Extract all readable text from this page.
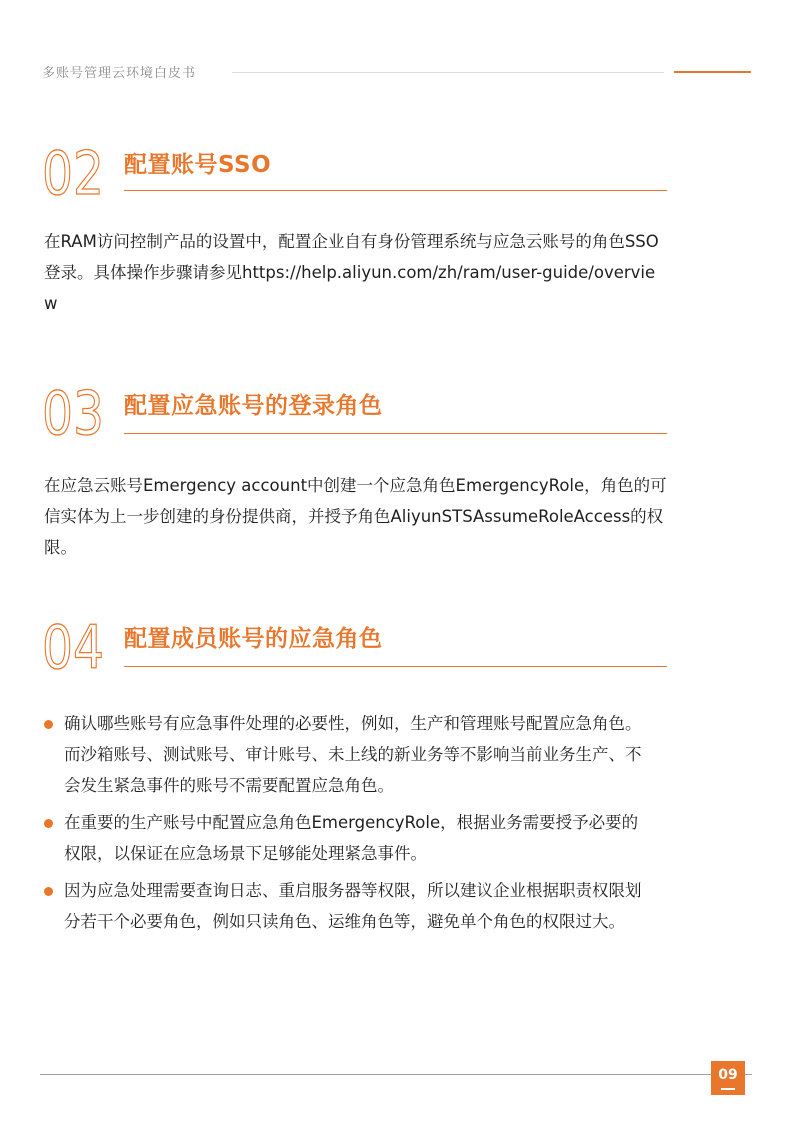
多账号管理云环境白皮书
02 配置账号SSO
在RAM访问控制产品的设置中，配置企业自有身份管理系统与应急云账号的角色SSO登录。具体操作步骤请参见https://help.aliyun.com/zh/ram/user-guide/overview
03 配置应急账号的登录角色
在应急云账号Emergency account中创建一个应急角色EmergencyRole，角色的可信实体为上一步创建的身份提供商，并授予角色AliyunSTSAssumeRoleAccess的权限。
04 配置成员账号的应急角色
确认哪些账号有应急事件处理的必要性，例如，生产和管理账号配置应急角色。而沙箱账号、测试账号、审计账号、未上线的新业务等不影响当前业务生产、不会发生紧急事件的账号不需要配置应急角色。
在重要的生产账号中配置应急角色EmergencyRole，根据业务需要授予必要的权限，以保证在应急场景下足够能处理紧急事件。
因为应急处理需要查询日志、重启服务器等权限，所以建议企业根据职责权限划分若干个必要角色，例如只读角色、运维角色等，避免单个角色的权限过大。
09
